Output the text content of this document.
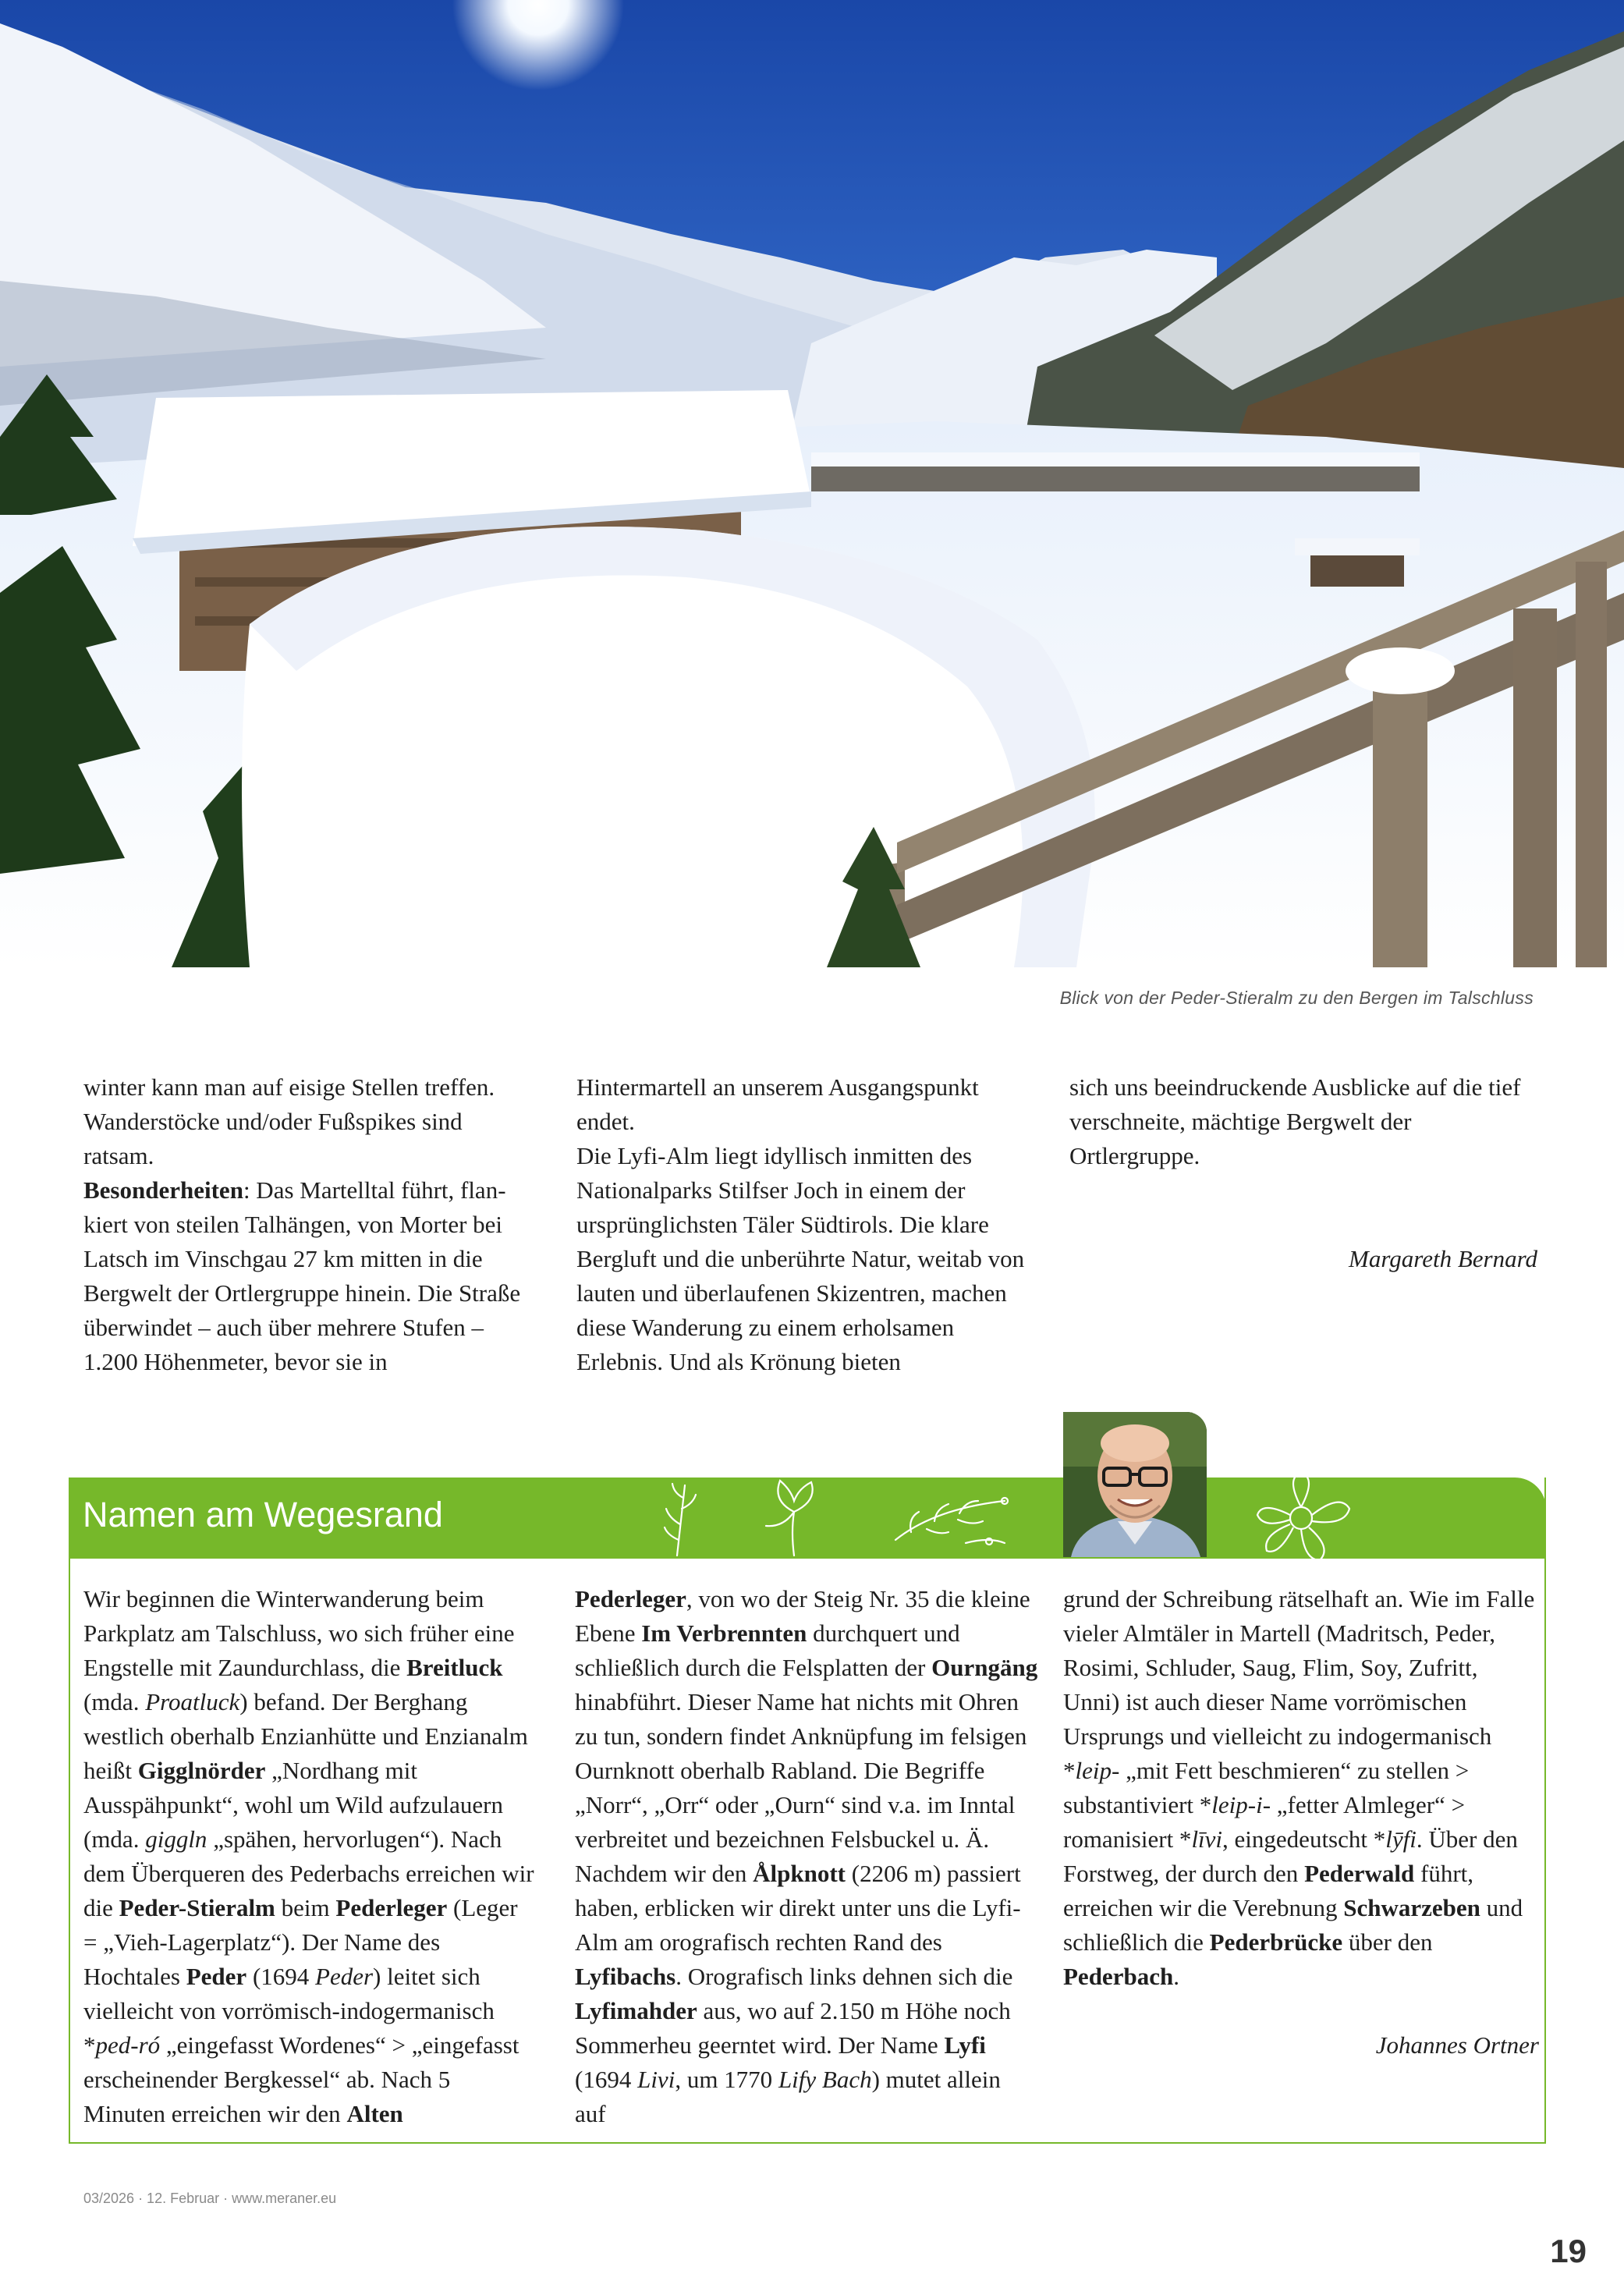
Blick von der Peder-Stieralm zu den Bergen im Talschluss

winter kann man auf eisige Stellen treffen. Wanderstöcke und/oder Fußspikes sind ratsam.

Besonderheiten: Das Martelltal führt, flankiert von steilen Talhängen, von Morter bei Latsch im Vinschgau 27 km mitten in die Bergwelt der Ortlergruppe hinein. Die Straße überwindet – auch über mehrere Stufen – 1.200 Höhenmeter, bevor sie in

Hintermartell an unserem Ausgangspunkt endet.

Die Lyfi-Alm liegt idyllisch inmitten des Nationalparks Stilfser Joch in einem der ursprünglichsten Täler Südtirols. Die klare Bergluft und die unberührte Natur, weitab von lauten und überlaufenen Skizentren, machen diese Wanderung zu einem erholsamen Erlebnis. Und als Krönung bieten

sich uns beeindruckende Ausblicke auf die tief verschneite, mächtige Bergwelt der Ortlergruppe.

Margareth Bernard

Namen am Wegesrand

Wir beginnen die Winterwanderung beim Parkplatz am Talschluss, wo sich früher eine Engstelle mit Zaundurchlass, die Breitluck (mda. Proatluck) befand. Der Berghang westlich oberhalb Enzianhütte und Enzianalm heißt Gigglnörder „Nordhang mit Ausspähpunkt“, wohl um Wild aufzulauern (mda. giggln „spähen, hervorlugen“). Nach dem Überqueren des Pederbachs erreichen wir die Peder-Stieralm beim Pederleger (Leger = „Vieh-Lagerplatz“). Der Name des Hochtales Peder (1694 Peder) leitet sich vielleicht von vorrömisch-indogermanisch *ped-ró „eingefasst Wordenes“ > „eingefasst erscheinender Bergkessel“ ab. Nach 5 Minuten erreichen wir den Alten

Pederleger, von wo der Steig Nr. 35 die kleine Ebene Im Verbrennten durchquert und schließlich durch die Felsplatten der Ourngäng hinabführt. Dieser Name hat nichts mit Ohren zu tun, sondern findet Anknüpfung im felsigen Ournknott oberhalb Rabland. Die Begriffe „Norr“, „Orr“ oder „Ourn“ sind v.a. im Inntal verbreitet und bezeichnen Felsbuckel u. Ä. Nachdem wir den Ålpknott (2206 m) passiert haben, erblicken wir direkt unter uns die Lyfi-Alm am orografisch rechten Rand des Lyfibachs. Orografisch links dehnen sich die Lyfimahder aus, wo auf 2.150 m Höhe noch Sommerheu geerntet wird. Der Name Lyfi (1694 Livi, um 1770 Lify Bach) mutet allein auf

grund der Schreibung rätselhaft an. Wie im Falle vieler Almtäler in Martell (Madritsch, Peder, Rosimi, Schluder, Saug, Flim, Soy, Zufritt, Unni) ist auch dieser Name vorrömischen Ursprungs und vielleicht zu indogermanisch *leip- „mit Fett beschmieren“ zu stellen > substantiviert *leip-i- „fetter Almleger“ > romanisiert *līvi, eingedeutscht *lȳfi. Über den Forstweg, der durch den Pederwald führt, erreichen wir die Verebnung Schwarzeben und schließlich die Pederbrücke über den Pederbach.

Johannes Ortner

03/2026 · 12. Februar · www.meraner.eu
19
